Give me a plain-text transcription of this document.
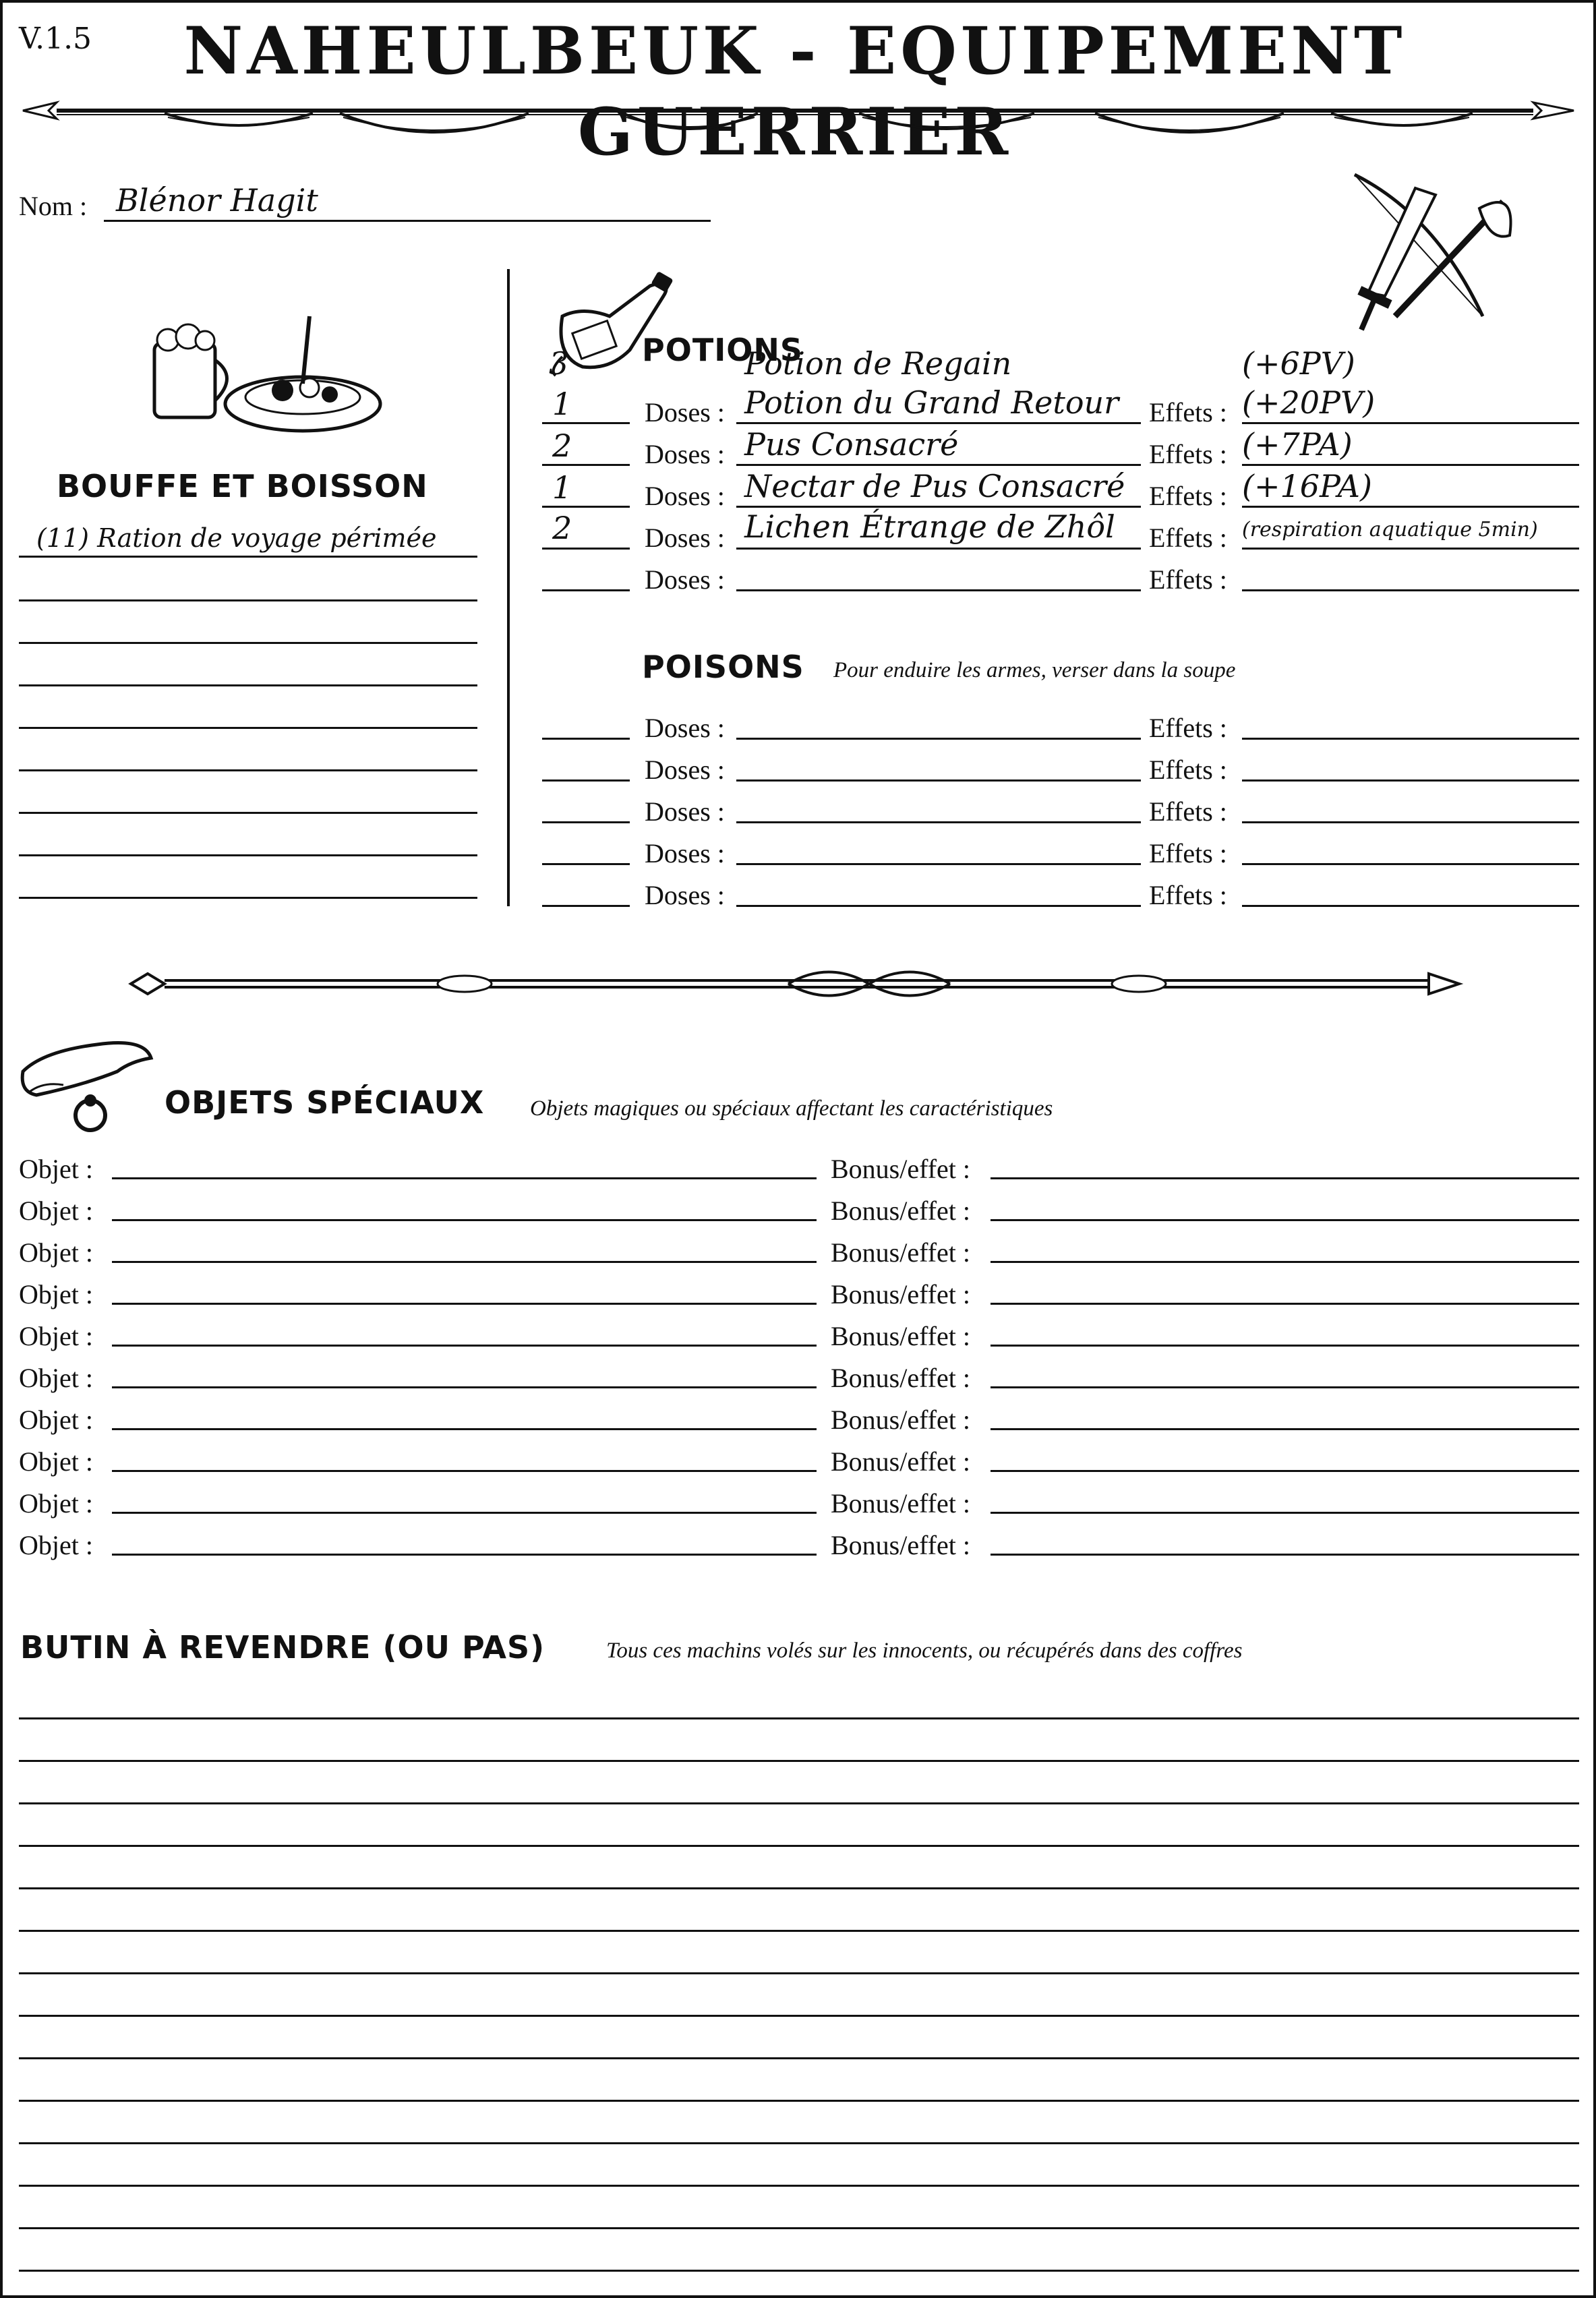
V.1.5	NAHEULBEUK - EQUIPEMENT GUERRIER
Nom : Blénor Hagit
BOUFFE ET BOISSON
(11) Ration de voyage périmée
POTIONS
3	Potion de Regain	(+6PV)
1	Doses : Potion du Grand Retour Effets : (+20PV)
2	Doses : Pus Consacré	Effets : (+7PA)
1	Doses : Nectar de Pus Consacré Effets : (+16PA)
2	Doses : Lichen Étrange de Zhôl Effets : (respiration aquatique 5min)
Doses :	Effets :
POISONS Pour enduire les armes, verser dans la soupe
Doses :	Effets :
Doses :	Effets :
Doses :	Effets :
Doses :	Effets :
Doses :	Effets :
OBJETS SPÉCIAUX Objets magiques ou spéciaux affectant les caractéristiques
Objet :	Bonus/effet :
Objet :	Bonus/effet :
Objet :	Bonus/effet :
Objet :	Bonus/effet :
Objet :	Bonus/effet :
Objet :	Bonus/effet :
Objet :	Bonus/effet :
Objet :	Bonus/effet :
Objet :	Bonus/effet :
Objet :	Bonus/effet :
BUTIN À REVENDRE (OU PAS)	Tous ces machins volés sur les innocents, ou récupérés dans des coffres
